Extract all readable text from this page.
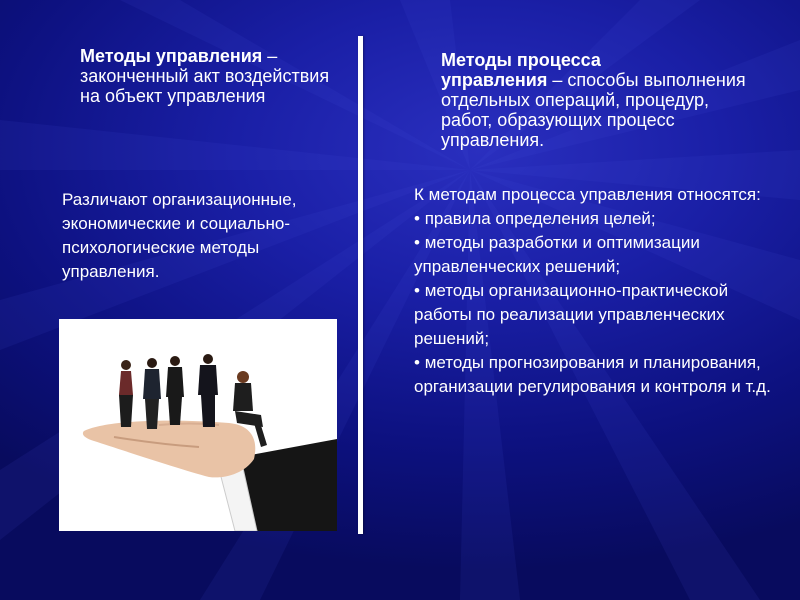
Методы управления – законченный акт воздействия на объект управления
Различают организационные, экономические и социально-психологические методы управления.
Методы процесса
управления – способы выполнения отдельных операций, процедур, работ, образующих процесс управления.
К методам процесса управления относятся:
• правила определения целей;
• методы разработки и оптимизации управленческих решений;
• методы организационно-практической работы по реализации управленческих решений;
• методы прогнозирования и планирования, организации регулирования и контроля и т.д.
